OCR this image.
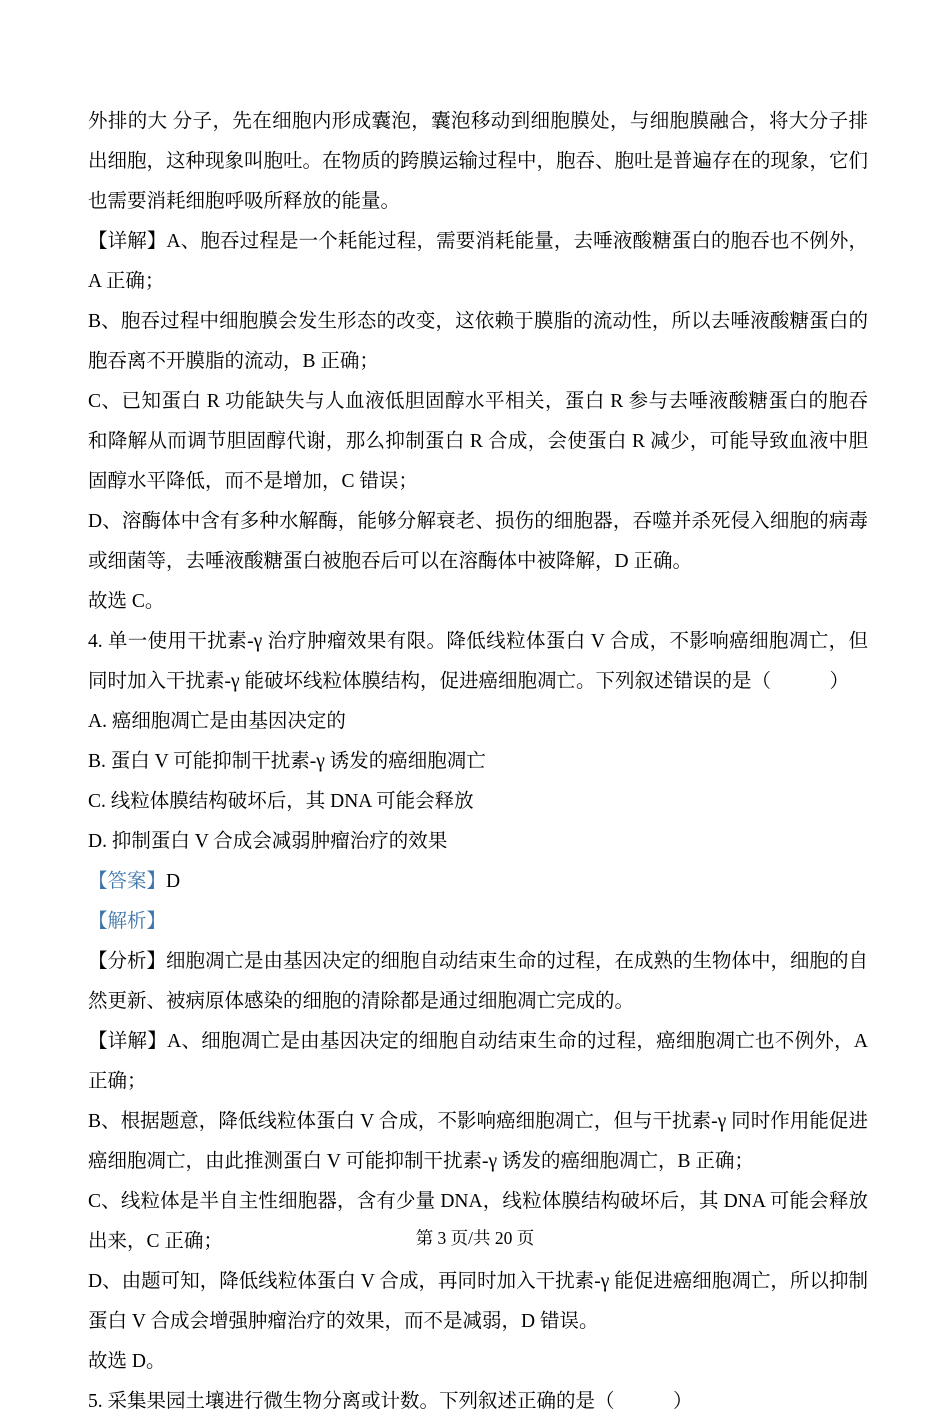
外排的大 分子，先在细胞内形成囊泡，囊泡移动到细胞膜处，与细胞膜融合，将大分子排出细胞，这种现象叫胞吐。在物质的跨膜运输过程中，胞吞、胞吐是普遍存在的现象，它们也需要消耗细胞呼吸所释放的能量。

【详解】A、胞吞过程是一个耗能过程，需要消耗能量，去唾液酸糖蛋白的胞吞也不例外，A 正确；

B、胞吞过程中细胞膜会发生形态的改变，这依赖于膜脂的流动性，所以去唾液酸糖蛋白的胞吞离不开膜脂的流动，B 正确；

C、已知蛋白 R 功能缺失与人血液低胆固醇水平相关，蛋白 R 参与去唾液酸糖蛋白的胞吞和降解从而调节胆固醇代谢，那么抑制蛋白 R 合成，会使蛋白 R 减少，可能导致血液中胆固醇水平降低，而不是增加，C 错误；

D、溶酶体中含有多种水解酶，能够分解衰老、损伤的细胞器，吞噬并杀死侵入细胞的病毒或细菌等，去唾液酸糖蛋白被胞吞后可以在溶酶体中被降解，D 正确。

故选 C。

4. 单一使用干扰素-γ 治疗肿瘤效果有限。降低线粒体蛋白 V 合成，不影响癌细胞凋亡，但同时加入干扰素-γ 能破坏线粒体膜结构，促进癌细胞凋亡。下列叙述错误的是（　　　）

A. 癌细胞凋亡是由基因决定的

B. 蛋白 V 可能抑制干扰素-γ 诱发的癌细胞凋亡

C. 线粒体膜结构破坏后，其 DNA 可能会释放

D. 抑制蛋白 V 合成会减弱肿瘤治疗的效果

【答案】D

【解析】

【分析】细胞凋亡是由基因决定的细胞自动结束生命的过程，在成熟的生物体中，细胞的自然更新、被病原体感染的细胞的清除都是通过细胞凋亡完成的。

【详解】A、细胞凋亡是由基因决定的细胞自动结束生命的过程，癌细胞凋亡也不例外，A 正确；

B、根据题意，降低线粒体蛋白 V 合成，不影响癌细胞凋亡，但与干扰素-γ 同时作用能促进癌细胞凋亡，由此推测蛋白 V 可能抑制干扰素-γ 诱发的癌细胞凋亡，B 正确；

C、线粒体是半自主性细胞器，含有少量 DNA，线粒体膜结构破坏后，其 DNA 可能会释放出来，C 正确；

D、由题可知，降低线粒体蛋白 V 合成，再同时加入干扰素-γ 能促进癌细胞凋亡，所以抑制蛋白 V 合成会增强肿瘤治疗的效果，而不是减弱，D 错误。

故选 D。

5. 采集果园土壤进行微生物分离或计数。下列叙述正确的是（　　　）

第 3 页/共 20 页
